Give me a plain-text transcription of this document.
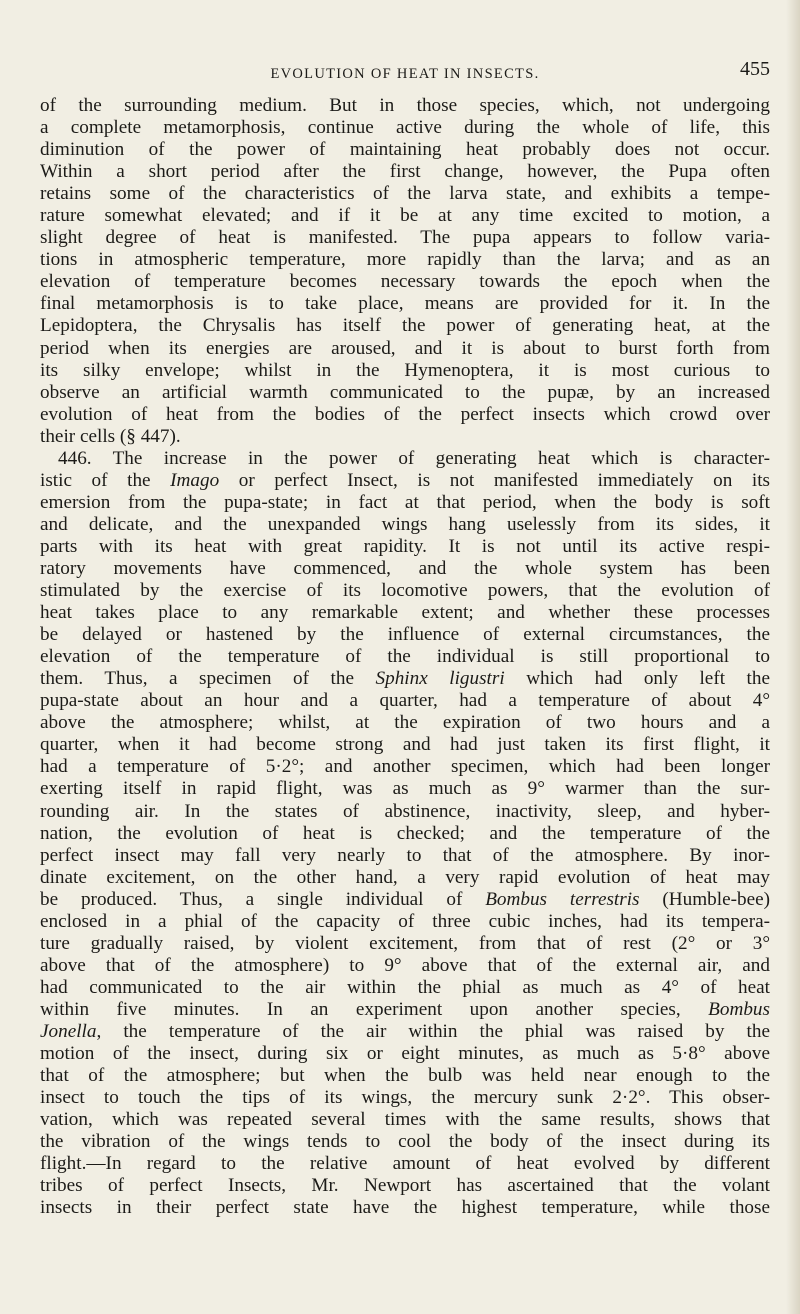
EVOLUTION OF HEAT IN INSECTS.	455
of the surrounding medium. But in those species, which, not undergoing
a complete metamorphosis, continue active during the whole of life, this
diminution of the power of maintaining heat probably does not occur.
Within a short period after the first change, however, the Pupa often
retains some of the characteristics of the larva state, and exhibits a tempe-
rature somewhat elevated; and if it be at any time excited to motion, a
slight degree of heat is manifested. The pupa appears to follow varia-
tions in atmospheric temperature, more rapidly than the larva; and as an
elevation of temperature becomes necessary towards the epoch when the
final metamorphosis is to take place, means are provided for it. In the
Lepidoptera, the Chrysalis has itself the power of generating heat, at the
period when its energies are aroused, and it is about to burst forth from
its silky envelope; whilst in the Hymenoptera, it is most curious to
observe an artificial warmth communicated to the pupæ, by an increased
evolution of heat from the bodies of the perfect insects which crowd over
their cells (§ 447).
446. The increase in the power of generating heat which is character-
istic of the Imago or perfect Insect, is not manifested immediately on its
emersion from the pupa-state; in fact at that period, when the body is soft
and delicate, and the unexpanded wings hang uselessly from its sides, it
parts with its heat with great rapidity. It is not until its active respi-
ratory movements have commenced, and the whole system has been
stimulated by the exercise of its locomotive powers, that the evolution of
heat takes place to any remarkable extent; and whether these processes
be delayed or hastened by the influence of external circumstances, the
elevation of the temperature of the individual is still proportional to
them. Thus, a specimen of the Sphinx ligustri which had only left the
pupa-state about an hour and a quarter, had a temperature of about 4°
above the atmosphere; whilst, at the expiration of two hours and a
quarter, when it had become strong and had just taken its first flight, it
had a temperature of 5·2°; and another specimen, which had been longer
exerting itself in rapid flight, was as much as 9° warmer than the sur-
rounding air. In the states of abstinence, inactivity, sleep, and hyber-
nation, the evolution of heat is checked; and the temperature of the
perfect insect may fall very nearly to that of the atmosphere. By inor-
dinate excitement, on the other hand, a very rapid evolution of heat may
be produced. Thus, a single individual of Bombus terrestris (Humble-bee)
enclosed in a phial of the capacity of three cubic inches, had its tempera-
ture gradually raised, by violent excitement, from that of rest (2° or 3°
above that of the atmosphere) to 9° above that of the external air, and
had communicated to the air within the phial as much as 4° of heat
within five minutes. In an experiment upon another species, Bombus
Jonella, the temperature of the air within the phial was raised by the
motion of the insect, during six or eight minutes, as much as 5·8° above
that of the atmosphere; but when the bulb was held near enough to the
insect to touch the tips of its wings, the mercury sunk 2·2°. This obser-
vation, which was repeated several times with the same results, shows that
the vibration of the wings tends to cool the body of the insect during its
flight.—In regard to the relative amount of heat evolved by different
tribes of perfect Insects, Mr. Newport has ascertained that the volant
insects in their perfect state have the highest temperature, while those
